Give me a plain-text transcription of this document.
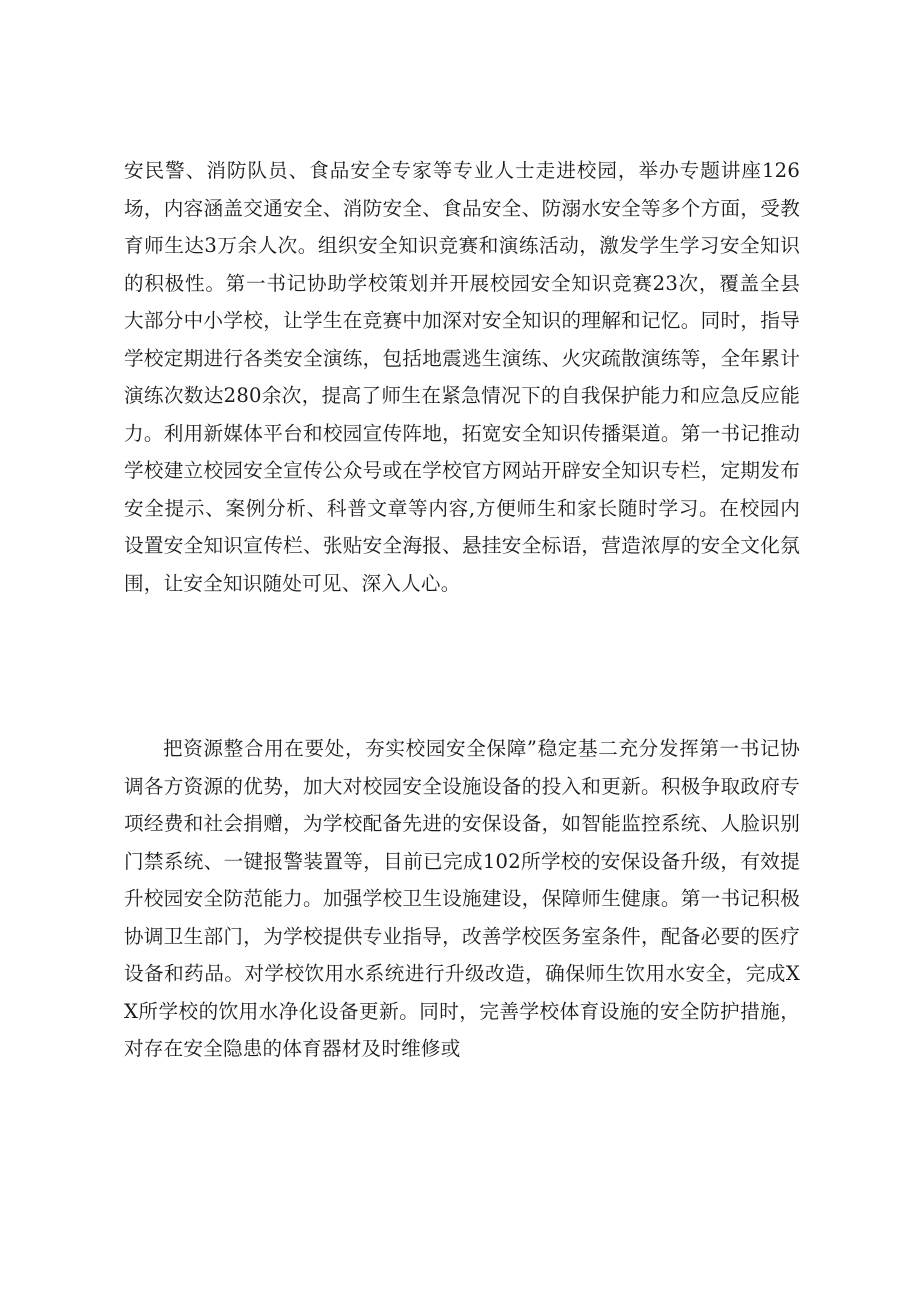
安民警、消防队员、食品安全专家等专业人士走进校园，举办专题讲座126场，内容涵盖交通安全、消防安全、食品安全、防溺水安全等多个方面，受教育师生达3万余人次。组织安全知识竞赛和演练活动，激发学生学习安全知识的积极性。第一书记协助学校策划并开展校园安全知识竞赛23次，覆盖全县大部分中小学校，让学生在竞赛中加深对安全知识的理解和记忆。同时，指导学校定期进行各类安全演练，包括地震逃生演练、火灾疏散演练等，全年累计演练次数达280余次，提高了师生在紧急情况下的自我保护能力和应急反应能力。利用新媒体平台和校园宣传阵地，拓宽安全知识传播渠道。第一书记推动学校建立校园安全宣传公众号或在学校官方网站开辟安全知识专栏，定期发布安全提示、案例分析、科普文章等内容,方便师生和家长随时学习。在校园内设置安全知识宣传栏、张贴安全海报、悬挂安全标语，营造浓厚的安全文化氛围，让安全知识随处可见、深入人心。

把资源整合用在要处，夯实校园安全保障”稳定基二充分发挥第一书记协调各方资源的优势，加大对校园安全设施设备的投入和更新。积极争取政府专项经费和社会捐赠，为学校配备先进的安保设备，如智能监控系统、人脸识别门禁系统、一键报警装置等，目前已完成102所学校的安保设备升级，有效提升校园安全防范能力。加强学校卫生设施建设，保障师生健康。第一书记积极协调卫生部门，为学校提供专业指导，改善学校医务室条件，配备必要的医疗设备和药品。对学校饮用水系统进行升级改造，确保师生饮用水安全，完成XX所学校的饮用水净化设备更新。同时，完善学校体育设施的安全防护措施，对存在安全隐患的体育器材及时维修或
